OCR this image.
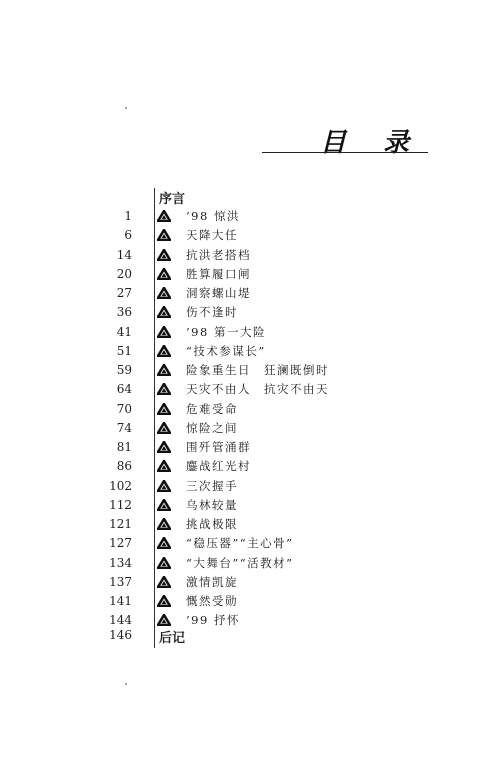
目 录
序言
1	’98 惊洪
6	天降大任
14	抗洪老搭档
20	胜算履口闸
27	洞察螺山堤
36	伤不逢时
41	’98 第一大险
51	“技术参谋长”
59	险象重生日　狂澜既倒时
64	天灾不由人　抗灾不由天
70	危难受命
74	惊险之间
81	围歼管涌群
86	鏖战红光村
102	三次握手
112	乌林较量
121	挑战极限
127	“稳压器”“主心骨”
134	“大舞台”“活教材”
137	激情凯旋
141	慨然受勋
144	’99 抒怀
146 后记
